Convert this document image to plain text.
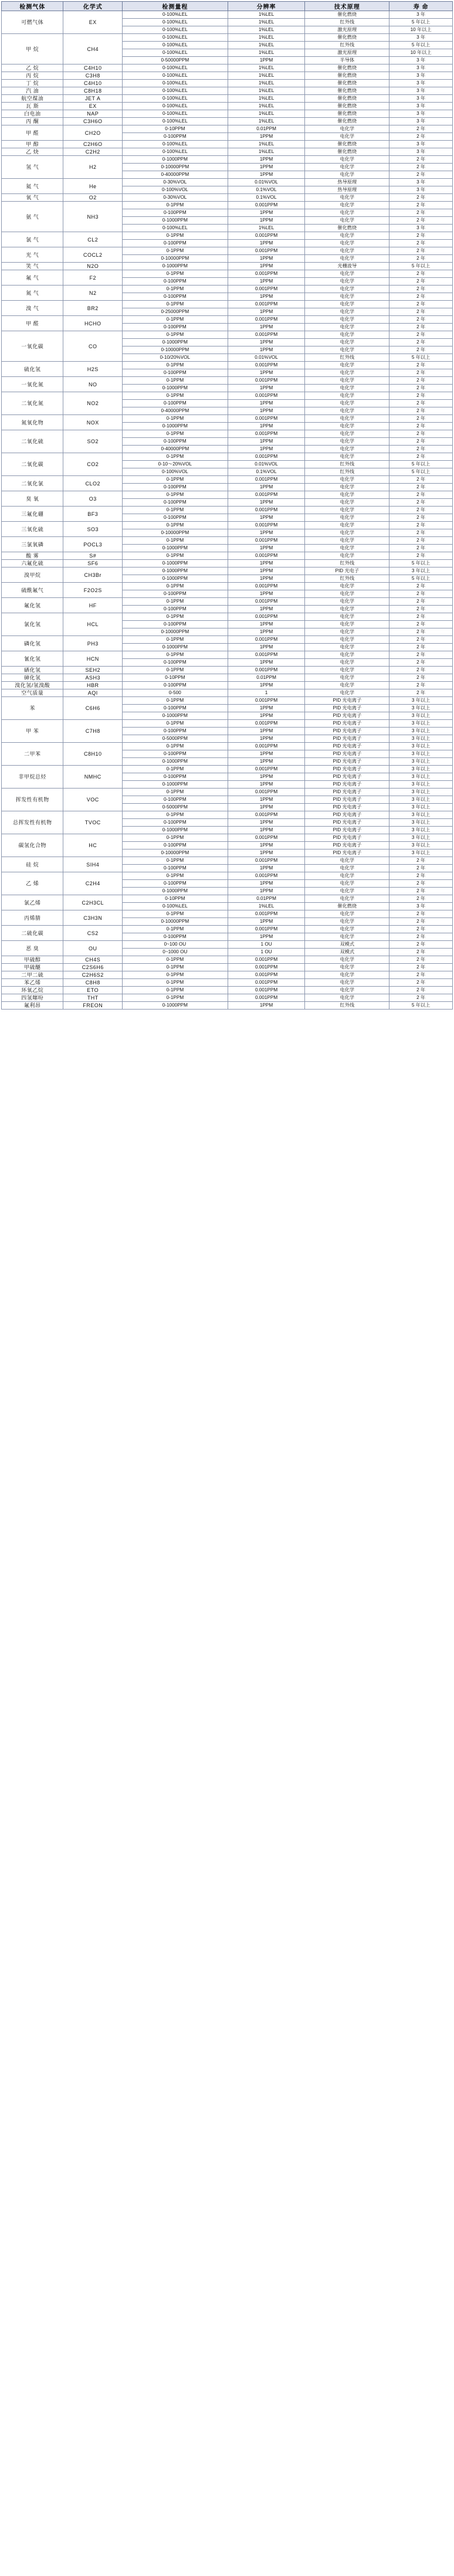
检测气体	化学式	检测量程	分辨率	技术原理	寿 命
可燃气体	EX	0-100%LEL	1%LEL	催化燃烧	3 年
		0-100%LEL	1%LEL	红外线	5 年以上
		0-100%LEL	1%LEL	激光原理	10 年以上
甲 烷	CH4	0-100%LEL	1%LEL	催化燃烧	3 年
		0-100%LEL	1%LEL	红外线	5 年以上
		0-100%LEL	1%LEL	激光原理	10 年以上
		0-50000PPM	1PPM	半导体	3 年
乙 烷	C4H10	0-100%LEL	1%LEL	催化燃烧	3 年
丙 烷	C3H8	0-100%LEL	1%LEL	催化燃烧	3 年
丁 烷	C4H10	0-100%LEL	1%LEL	催化燃烧	3 年
汽 油	C8H18	0-100%LEL	1%LEL	催化燃烧	3 年
航空煤油	JET A	0-100%LEL	1%LEL	催化燃烧	3 年
瓦 斯	EX	0-100%LEL	1%LEL	催化燃烧	3 年
白电油	NAP	0-100%LEL	1%LEL	催化燃烧	3 年
丙 酮	C3H6O	0-100%LEL	1%LEL	催化燃烧	3 年
甲 醛	CH2O	0-10PPM	0.01PPM	电化学	2 年
		0-100PPM	1PPM	电化学	2 年
甲 醇	C2H6O	0-100%LEL	1%LEL	催化燃烧	3 年
乙 炔	C2H2	0-100%LEL	1%LEL	催化燃烧	3 年
氢 气	H2	0-1000PPM	1PPM	电化学	2 年
		0-10000PPM	1PPM	电化学	2 年
		0-40000PPM	1PPM	电化学	2 年
氦 气	He	0-30%VOL	0.01%VOL	热导原理	3 年
		0-100%VOL	0.1%VOL	热导原理	3 年
氧 气	O2	0-30%VOL	0.1%VOL	电化学	2 年
氨 气	NH3	0-1PPM	0.001PPM	电化学	2 年
		0-100PPM	1PPM	电化学	2 年
		0-1000PPM	1PPM	电化学	2 年
		0-100%LEL	1%LEL	催化燃烧	3 年
氯 气	CL2	0-1PPM	0.001PPM	电化学	2 年
		0-100PPM	1PPM	电化学	2 年
光 气	COCL2	0-1PPM	0.001PPM	电化学	2 年
		0-10000PPM	1PPM	电化学	2 年
笑 气	N2O	0-1000PPM	1PPM	光栅波导	5 年以上
氟 气	F2	0-1PPM	0.001PPM	电化学	2 年
		0-100PPM	1PPM	电化学	2 年
氮 气	N2	0-1PPM	0.001PPM	电化学	2 年
		0-100PPM	1PPM	电化学	2 年
溴 气	BR2	0-1PPM	0.001PPM	电化学	2 年
		0-25000PPM	1PPM	电化学	2 年
甲 醛	HCHO	0-1PPM	0.001PPM	电化学	2 年
		0-100PPM	1PPM	电化学	2 年
一氧化碳	CO	0-1PPM	0.001PPM	电化学	2 年
		0-1000PPM	1PPM	电化学	2 年
		0-10000PPM	1PPM	电化学	2 年
		0-10/20%VOL	0.01%VOL	红外线	5 年以上
硫化氢	H2S	0-1PPM	0.001PPM	电化学	2 年
		0-100PPM	1PPM	电化学	2 年
一氧化氮	NO	0-1PPM	0.001PPM	电化学	2 年
		0-1000PPM	1PPM	电化学	2 年
二氧化氮	NO2	0-1PPM	0.001PPM	电化学	2 年
		0-100PPM	1PPM	电化学	2 年
		0-40000PPM	1PPM	电化学	2 年
氮氧化物	NOX	0-1PPM	0.001PPM	电化学	2 年
		0-1000PPM	1PPM	电化学	2 年
二氧化硫	SO2	0-1PPM	0.001PPM	电化学	2 年
		0-100PPM	1PPM	电化学	2 年
		0-40000PPM	1PPM	电化学	2 年
二氧化碳	CO2	0-1PPM	0.001PPM	电化学	2 年
		0-10～20%VOL	0.01%VOL	红外线	5 年以上
		0-100%VOL	0.1%VOL	红外线	5 年以上
二氧化氯	CLO2	0-1PPM	0.001PPM	电化学	2 年
		0-100PPM	1PPM	电化学	2 年
臭 氧	O3	0-1PPM	0.001PPM	电化学	2 年
		0-100PPM	1PPM	电化学	2 年
三氟化硼	BF3	0-1PPM	0.001PPM	电化学	2 年
		0-100PPM	1PPM	电化学	2 年
三氧化硫	SO3	0-1PPM	0.001PPM	电化学	2 年
		0-10000PPM	1PPM	电化学	2 年
三氯氧磷	POCL3	0-1PPM	0.001PPM	电化学	2 年
		0-1000PPM	1PPM	电化学	2 年
酸 雾	S#	0-1PPM	0.001PPM	电化学	2 年
六氟化硫	SF6	0-1000PPM	1PPM	红外线	5 年以上
溴甲烷	CH3Br	0-1000PPM	1PPM	PID 光电子	3 年以上
		0-1000PPM	1PPM	红外线	5 年以上
硫酰氟气	F2O2S	0-1PPM	0.001PPM	电化学	2 年
		0-100PPM	1PPM	电化学	2 年
氟化氢	HF	0-1PPM	0.001PPM	电化学	2 年
		0-100PPM	1PPM	电化学	2 年
氯化氢	HCL	0-1PPM	0.001PPM	电化学	2 年
		0-100PPM	1PPM	电化学	2 年
		0-10000PPM	1PPM	电化学	2 年
磷化氢	PH3	0-1PPM	0.001PPM	电化学	2 年
		0-1000PPM	1PPM	电化学	2 年
氰化氢	HCN	0-1PPM	0.001PPM	电化学	2 年
		0-100PPM	1PPM	电化学	2 年
硒化氢	SEH2	0-1PPM	0.001PPM	电化学	2 年
砷化氢	ASH3	0-10PPM	0.01PPM	电化学	2 年
溴化氢/氢溴酸	HBR	0-100PPM	1PPM	电化学	2 年
空气质量	AQI	0-500	1	电化学	2 年
苯	C6H6	0-1PPM	0.001PPM	PID 光电离子	3 年以上
		0-100PPM	1PPM	PID 光电离子	3 年以上
		0-1000PPM	1PPM	PID 光电离子	3 年以上
甲 苯	C7H8	0-1PPM	0.001PPM	PID 光电离子	3 年以上
		0-100PPM	1PPM	PID 光电离子	3 年以上
		0-5000PPM	1PPM	PID 光电离子	3 年以上
二甲苯	C8H10	0-1PPM	0.001PPM	PID 光电离子	3 年以上
		0-100PPM	1PPM	PID 光电离子	3 年以上
		0-1000PPM	1PPM	PID 光电离子	3 年以上
非甲烷总烃	NMHC	0-1PPM	0.001PPM	PID 光电离子	3 年以上
		0-100PPM	1PPM	PID 光电离子	3 年以上
		0-1000PPM	1PPM	PID 光电离子	3 年以上
挥发性有机物	VOC	0-1PPM	0.001PPM	PID 光电离子	3 年以上
		0-100PPM	1PPM	PID 光电离子	3 年以上
		0-5000PPM	1PPM	PID 光电离子	3 年以上
总挥发性有机物	TVOC	0-1PPM	0.001PPM	PID 光电离子	3 年以上
		0-100PPM	1PPM	PID 光电离子	3 年以上
		0-1000PPM	1PPM	PID 光电离子	3 年以上
碳氢化合物	HC	0-1PPM	0.001PPM	PID 光电离子	3 年以上
		0-100PPM	1PPM	PID 光电离子	3 年以上
		0-10000PPM	1PPM	PID 光电离子	3 年以上
硅 烷	SIH4	0-1PPM	0.001PPM	电化学	2 年
		0-100PPM	1PPM	电化学	2 年
乙 烯	C2H4	0-1PPM	0.001PPM	电化学	2 年
		0-100PPM	1PPM	电化学	2 年
		0-1000PPM	1PPM	电化学	2 年
氯乙烯	C2H3CL	0-10PPM	0.01PPM	电化学	2 年
		0-100%LEL	1%LEL	催化燃烧	3 年
丙烯腈	C3H3N	0-1PPM	0.001PPM	电化学	2 年
		0-10000PPM	1PPM	电化学	2 年
二硫化碳	CS2	0-1PPM	0.001PPM	电化学	2 年
		0-100PPM	1PPM	电化学	2 年
恶 臭	OU	0~100 OU	1 OU	双模式	2 年
		0~1000 OU	1 OU	双模式	2 年
甲硫醇	CH4S	0-1PPM	0.001PPM	电化学	2 年
甲硫醚	C2S6H6	0-1PPM	0.001PPM	电化学	2 年
二甲二硫	C2H6S2	0-1PPM	0.001PPM	电化学	2 年
苯乙烯	C8H8	0-1PPM	0.001PPM	电化学	2 年
环氧乙烷	ETO	0-1PPM	0.001PPM	电化学	2 年
四氢噻吩	THT	0-1PPM	0.001PPM	电化学	2 年
氟利昂	FREON	0-1000PPM	1PPM	红外线	5 年以上
